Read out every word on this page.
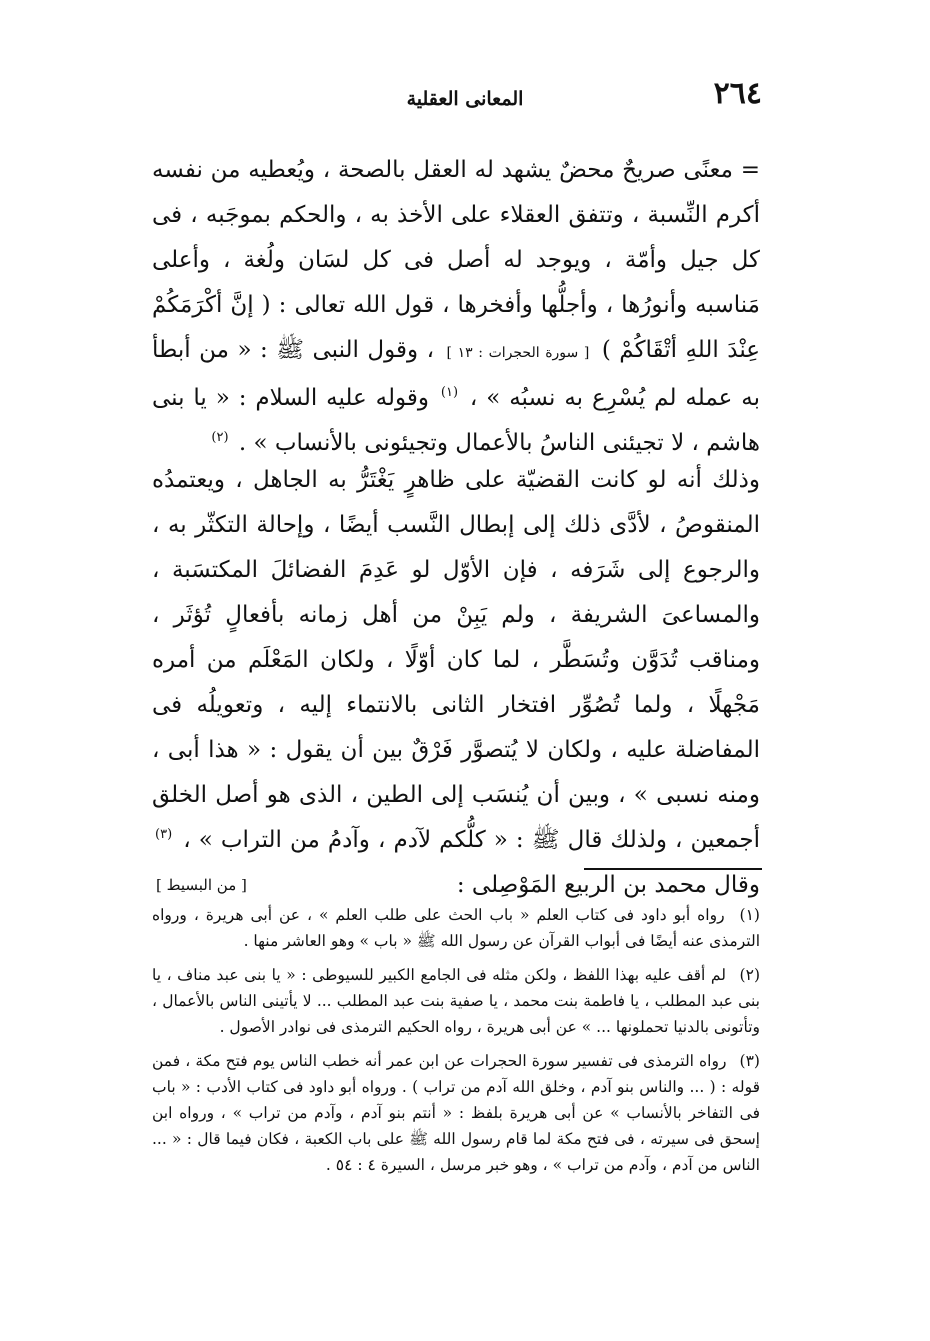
٢٦٤
المعانى العقلية

= معنًى صريحٌ محضٌ يشهد له العقل بالصحة ، ويُعطيه من نفسه أكرم النِّسبة ، وتتفق العقلاء على الأخذ به ، والحكم بموجَبه ، فى كل جيل وأمّة ، ويوجد له أصل فى كل لسَان ولُغة ، وأعلى مَناسبه وأنورُها ، وأجلُّها وأفخرها ، قول الله تعالى : ( إنَّ أكْرَمَكُمْ عِنْدَ اللهِ أتْقَاكُمْ ) [ سورة الحجرات : ١٣ ] ، وقول النبى ﷺ : « من أبطأ به عمله لم يُسْرِع به نسبُه » ، $^{(١)}$ وقوله عليه السلام : « يا بنى هاشم ، لا تجيئنى الناسُ بالأعمال وتجيئونى بالأنساب » . $^{(٢)}$

وذلك أنه لو كانت القضيّة على ظاهرٍ يَغْتَرُّ به الجاهل ، ويعتمدُه المنقوصُ ، لأدَّى ذلك إلى إبطال النَّسب أيضًا ، وإحالة التكثّر به ، والرجوع إلى شَرَفه ، فإن الأوّل لو عَدِمَ الفضائلَ المكتسَبة ، والمساعىَ الشريفة ، ولم يَبِنْ من أهل زمانه بأفعالٍ تُؤثَر ، ومناقب تُدَوَّن وتُسَطَّر ، لما كان أوّلًا ، ولكان المَعْلَم من أمره مَجْهلًا ، ولما تُصُوِّر افتخار الثانى بالانتماء إليه ، وتعويلُه فى المفاضلة عليه ، ولكان لا يُتصوَّر فَرْقٌ بين أن يقول : « هذا أبى ، ومنه نسبى » ، وبين أن يُنسَب إلى الطين ، الذى هو أصل الخلق أجمعين ، ولذلك قال ﷺ : « كلُّكم لآدم ، وآدمُ من التراب » ، $^{(٣)}$ وقال محمد بن الربيع المَوْصِلى :
[ من البسيط ]

(١) رواه أبو داود فى كتاب العلم « باب الحث على طلب العلم » ، عن أبى هريرة ، ورواه الترمذى عنه أيضًا فى أبواب القرآن عن رسول الله ﷺ « باب » وهو العاشر منها .

(٢) لم أقف عليه بهذا اللفظ ، ولكن مثله فى الجامع الكبير للسيوطى : « يا بنى عبد مناف ، يا بنى عبد المطلب ، يا فاطمة بنت محمد ، يا صفية بنت عبد المطلب ... لا يأتينى الناس بالأعمال ، وتأتونى بالدنيا تحملونها ... » عن أبى هريرة ، رواه الحكيم الترمذى فى نوادر الأصول .

(٣) رواه الترمذى فى تفسير سورة الحجرات عن ابن عمر أنه خطب الناس يوم فتح مكة ، فمن قوله : ( ... والناس بنو آدم ، وخلق الله آدم من تراب ) . ورواه أبو داود فى كتاب الأدب : « باب فى التفاخر بالأنساب » عن أبى هريرة بلفظ : « أنتم بنو آدم ، وآدم من تراب » ، ورواه ابن إسحق فى سيرته ، فى فتح مكة لما قام رسول الله ﷺ على باب الكعبة ، فكان فيما قال : « ... الناس من آدم ، وآدم من تراب » ، وهو خبر مرسل ، السيرة ٤ : ٥٤ .
